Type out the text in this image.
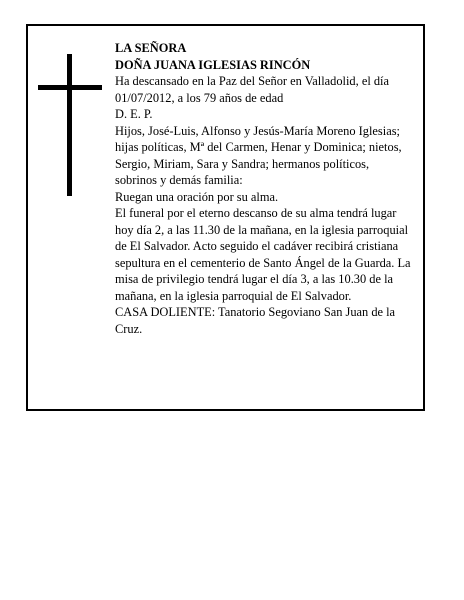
LA SEÑORA

DOÑA JUANA IGLESIAS RINCÓN

Ha descansado en la Paz del Señor en Valladolid, el día 01/07/2012, a los 79 años de edad

D. E. P.

Hijos, José-Luis, Alfonso y Jesús-María Moreno Iglesias; hijas políticas, Mª del Carmen, Henar y Dominica; nietos, Sergio, Miriam, Sara y Sandra; hermanos políticos, sobrinos y demás familia:

Ruegan una oración por su alma.

El funeral por el eterno descanso de su alma tendrá lugar hoy día 2, a las 11.30 de la mañana, en la iglesia parroquial de El Salvador. Acto seguido el cadáver recibirá cristiana sepultura en el cementerio de Santo Ángel de la Guarda. La misa de privilegio tendrá lugar el día 3, a las 10.30 de la mañana, en la iglesia parroquial de El Salvador.

CASA DOLIENTE: Tanatorio Segoviano San Juan de la Cruz.
